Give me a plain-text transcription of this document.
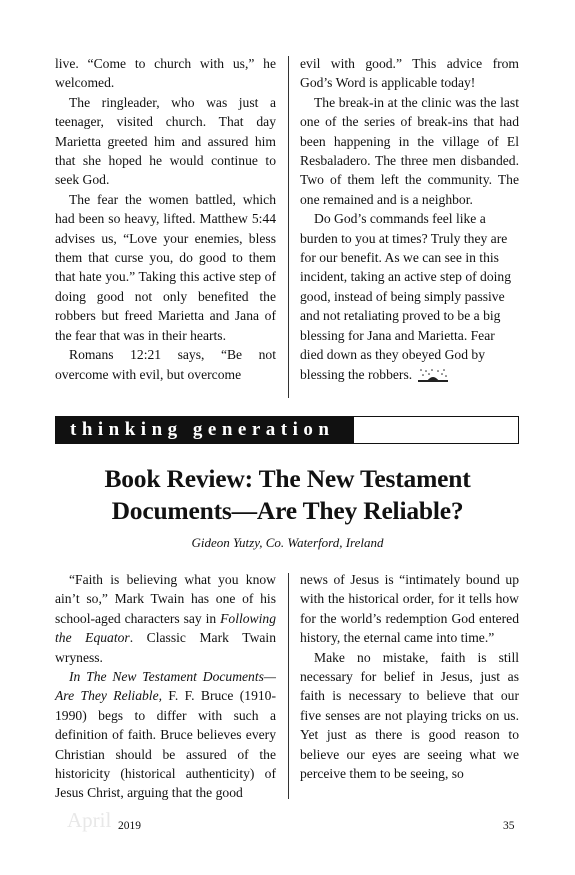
live. “Come to church with us,” he welcomed.

The ringleader, who was just a teenager, visited church. That day Marietta greeted him and assured him that she hoped he would continue to seek God.

The fear the women battled, which had been so heavy, lifted. Matthew 5:44 advises us, “Love your enemies, bless them that curse you, do good to them that hate you.” Taking this active step of doing good not only benefited the robbers but freed Marietta and Jana of the fear that was in their hearts.

Romans 12:21 says, “Be not overcome with evil, but overcome

evil with good.” This advice from God’s Word is applicable today!

The break-in at the clinic was the last one of the series of break-ins that had been happening in the village of El Resbaladero. The three men disbanded. Two of them left the community. The one remained and is a neighbor.

Do God’s commands feel like a burden to you at times? Truly they are for our benefit. As we can see in this incident, taking an active step of doing good, instead of being simply passive and not retaliating proved to be a big blessing for Jana and Marietta. Fear died down as they obeyed God by blessing the robbers.

thinking generation
Book Review: The New Testament
Documents—Are They Reliable?
Gideon Yutzy, Co. Waterford, Ireland

“Faith is believing what you know ain’t so,” Mark Twain has one of his school-aged characters say in Following the Equator. Classic Mark Twain wryness.

In The New Testament Documents—Are They Reliable, F. F. Bruce (1910-1990) begs to differ with such a definition of faith. Bruce believes every Christian should be assured of the historicity (historical authenticity) of Jesus Christ, arguing that the good

news of Jesus is “intimately bound up with the historical order, for it tells how for the world’s redemption God entered history, the eternal came into time.”

Make no mistake, faith is still necessary for belief in Jesus, just as faith is necessary to believe that our five senses are not playing tricks on us. Yet just as there is good reason to believe our eyes are seeing what we perceive them to be seeing, so

April 2019	35
